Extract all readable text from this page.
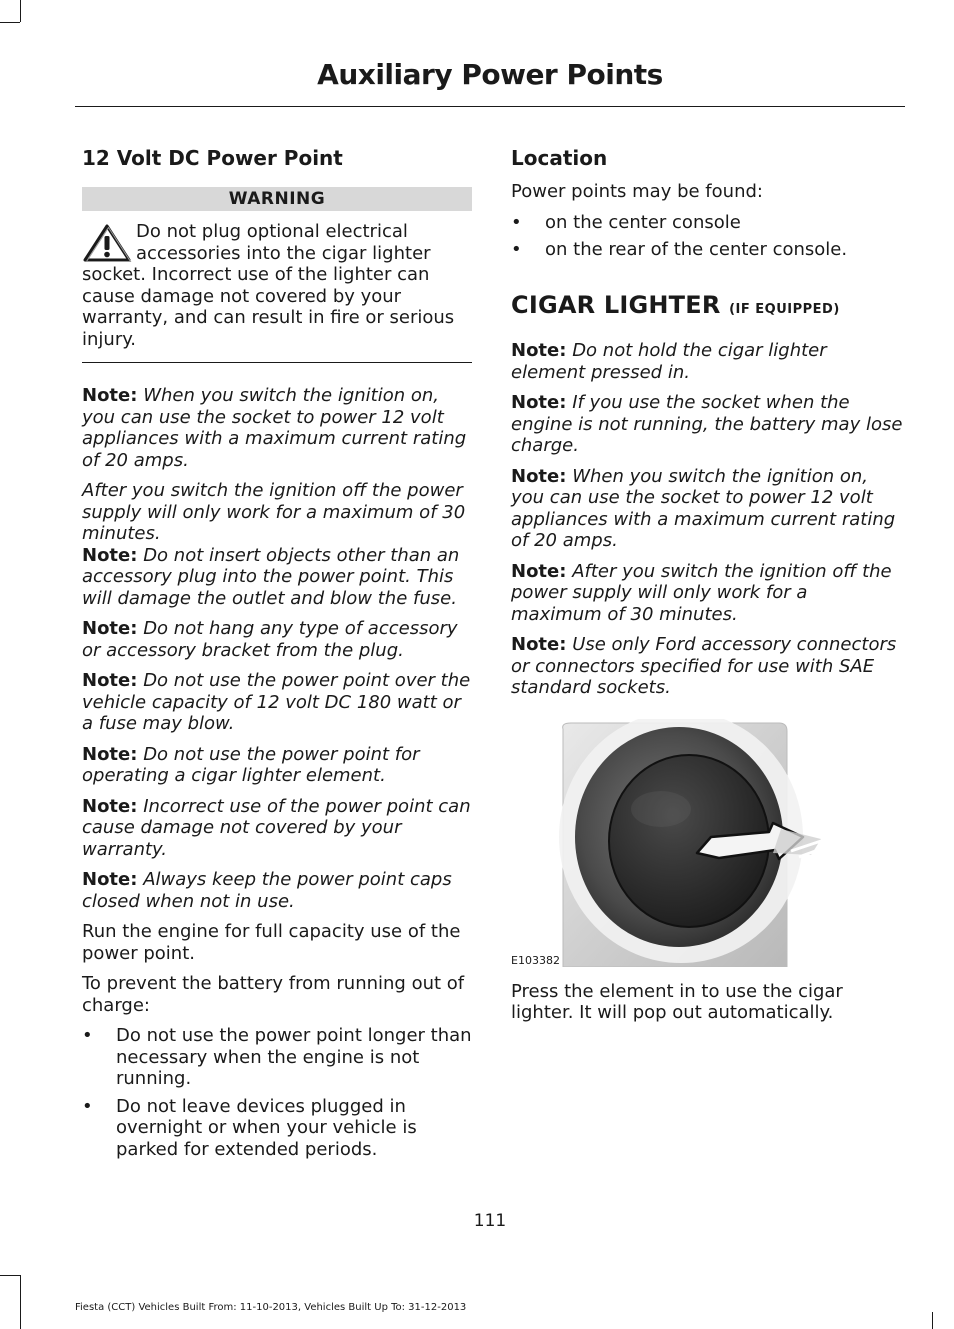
Auxiliary Power Points
12 Volt DC Power Point
WARNING
Do not plug optional electrical accessories into the cigar lighter socket. Incorrect use of the lighter can cause damage not covered by your warranty, and can result in fire or serious injury.

Note: When you switch the ignition on, you can use the socket to power 12 volt appliances with a maximum current rating of 20 amps.

After you switch the ignition off the power supply will only work for a maximum of 30 minutes.

Note: Do not insert objects other than an accessory plug into the power point. This will damage the outlet and blow the fuse.

Note: Do not hang any type of accessory or accessory bracket from the plug.

Note: Do not use the power point over the vehicle capacity of 12 volt DC 180 watt or a fuse may blow.

Note: Do not use the power point for operating a cigar lighter element.

Note: Incorrect use of the power point can cause damage not covered by your warranty.

Note: Always keep the power point caps closed when not in use.

Run the engine for full capacity use of the power point.

To prevent the battery from running out of charge:

• Do not use the power point longer than necessary when the engine is not running.
• Do not leave devices plugged in overnight or when your vehicle is parked for extended periods.
Location

Power points may be found:

• on the center console
• on the rear of the center console.
CIGAR LIGHTER (IF EQUIPPED)

Note: Do not hold the cigar lighter element pressed in.

Note: If you use the socket when the engine is not running, the battery may lose charge.

Note: When you switch the ignition on, you can use the socket to power 12 volt appliances with a maximum current rating of 20 amps.

Note: After you switch the ignition off the power supply will only work for a maximum of 30 minutes.

Note: Use only Ford accessory connectors or connectors specified for use with SAE standard sockets.

E103382

Press the element in to use the cigar lighter. It will pop out automatically.

111
Fiesta (CCT) Vehicles Built From: 11-10-2013, Vehicles Built Up To: 31-12-2013
